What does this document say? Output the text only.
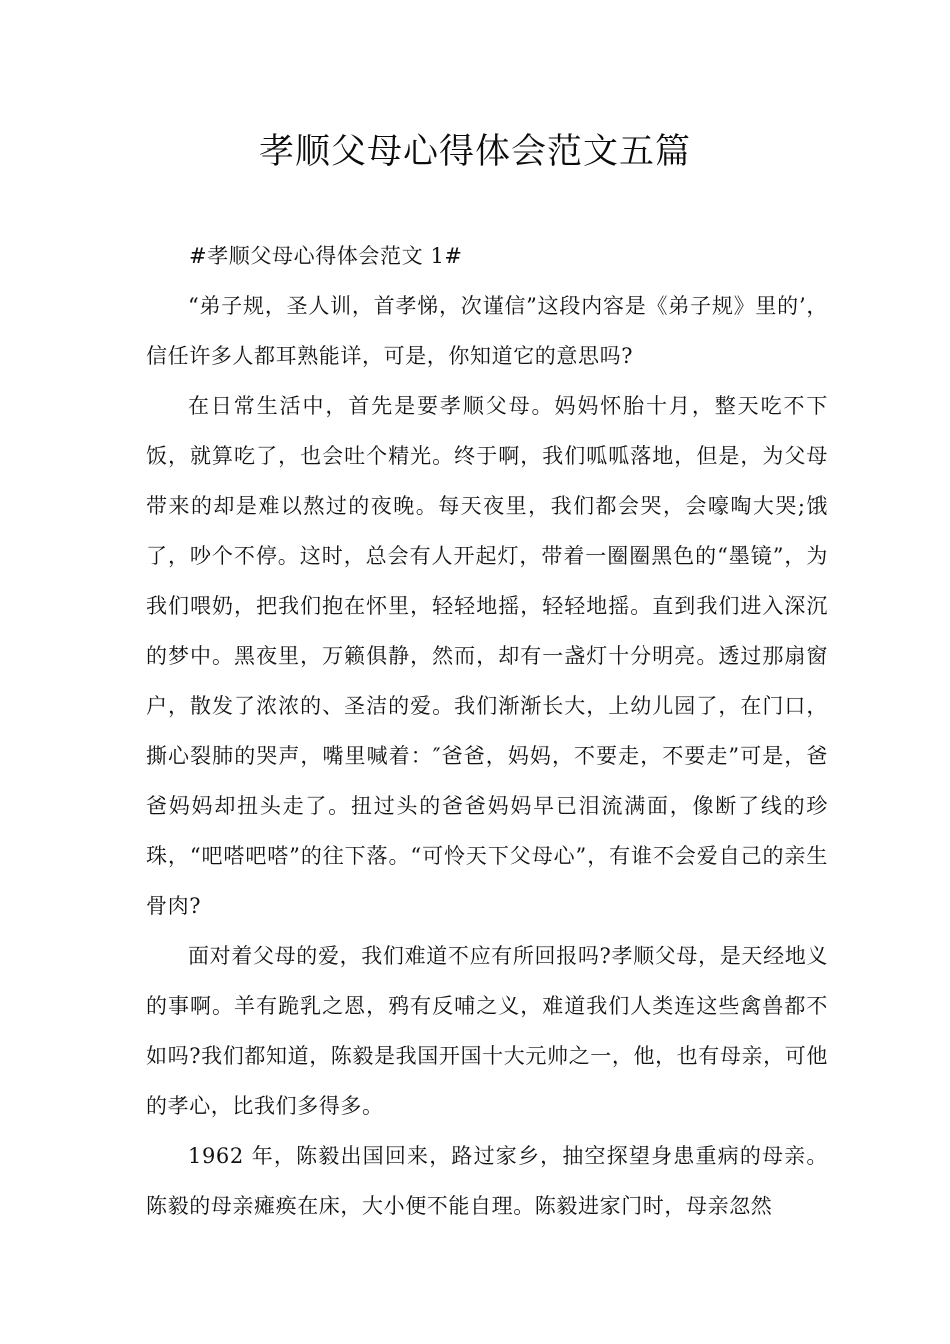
孝顺父母心得体会范文五篇
#孝顺父母心得体会范文 1#

“弟子规，圣人训，首孝悌，次谨信”这段内容是《弟子规》里的’，信任许多人都耳熟能详，可是，你知道它的意思吗?

在日常生活中，首先是要孝顺父母。妈妈怀胎十月，整天吃不下饭，就算吃了，也会吐个精光。终于啊，我们呱呱落地，但是，为父母带来的却是难以熬过的夜晚。每天夜里，我们都会哭，会嚎啕大哭;饿了，吵个不停。这时，总会有人开起灯，带着一圈圈黑色的“墨镜”，为我们喂奶，把我们抱在怀里，轻轻地摇，轻轻地摇。直到我们进入深沉的梦中。黑夜里，万籁俱静，然而，却有一盏灯十分明亮。透过那扇窗户，散发了浓浓的、圣洁的爱。我们渐渐长大，上幼儿园了，在门口，撕心裂肺的哭声，嘴里喊着：″爸爸，妈妈，不要走，不要走”可是，爸爸妈妈却扭头走了。扭过头的爸爸妈妈早已泪流满面，像断了线的珍珠，“吧嗒吧嗒”的往下落。“可怜天下父母心”，有谁不会爱自己的亲生骨肉?

面对着父母的爱，我们难道不应有所回报吗?孝顺父母，是天经地义的事啊。羊有跪乳之恩，鸦有反哺之义，难道我们人类连这些禽兽都不如吗?我们都知道，陈毅是我国开国十大元帅之一，他，也有母亲，可他的孝心，比我们多得多。

1962 年，陈毅出国回来，路过家乡，抽空探望身患重病的母亲。陈毅的母亲瘫痪在床，大小便不能自理。陈毅进家门时，母亲忽然
